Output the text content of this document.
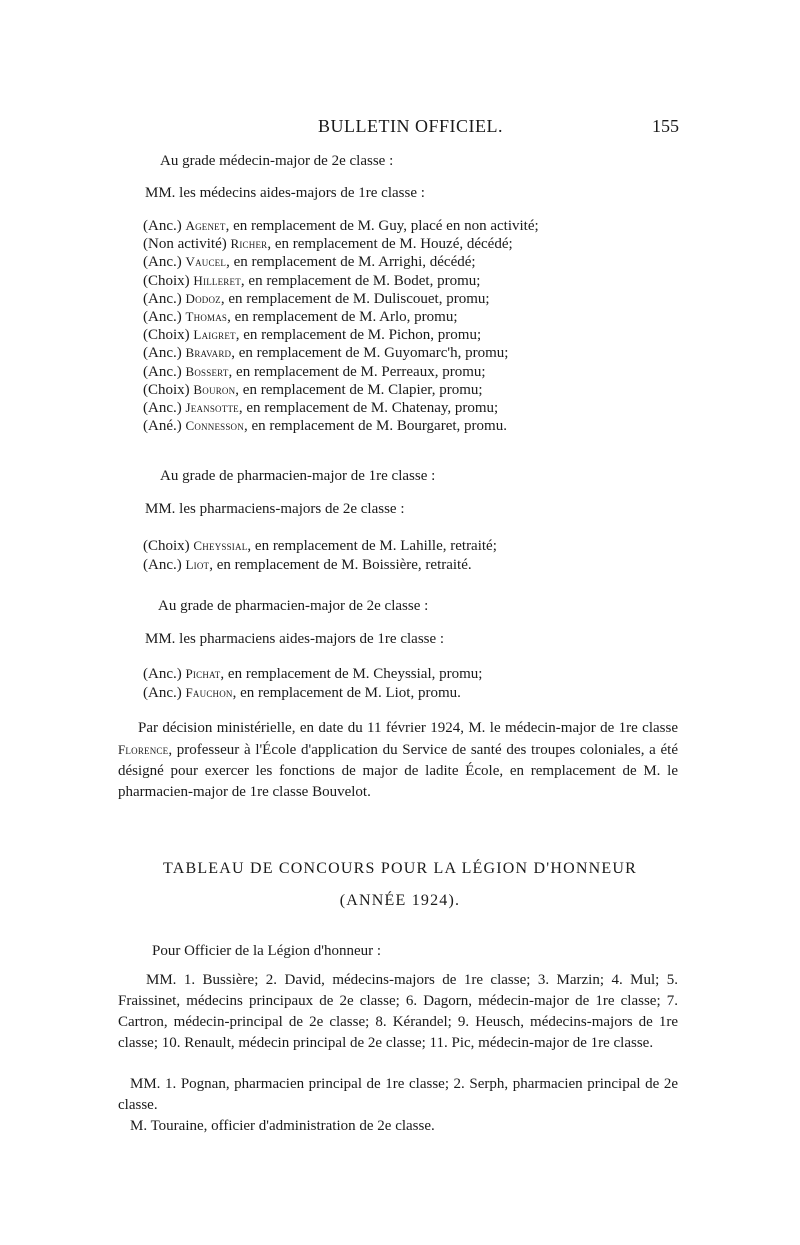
BULLETIN OFFICIEL.	155
Au grade médecin-major de 2e classe :
MM. les médecins aides-majors de 1re classe :
(Anc.) Agenet, en remplacement de M. Guy, placé en non activité;
(Non activité) Richer, en remplacement de M. Houzé, décédé;
(Anc.) Vaucel, en remplacement de M. Arrighi, décédé;
(Choix) Hilleret, en remplacement de M. Bodet, promu;
(Anc.) Dodoz, en remplacement de M. Duliscouet, promu;
(Anc.) Thomas, en remplacement de M. Arlo, promu;
(Choix) Laigret, en remplacement de M. Pichon, promu;
(Anc.) Bravard, en remplacement de M. Guyomarc'h, promu;
(Anc.) Bossert, en remplacement de M. Perreaux, promu;
(Choix) Bouron, en remplacement de M. Clapier, promu;
(Anc.) Jeansotte, en remplacement de M. Chatenay, promu;
(Ané.) Connesson, en remplacement de M. Bourgaret, promu.
Au grade de pharmacien-major de 1re classe :
MM. les pharmaciens-majors de 2e classe :
(Choix) Cheyssial, en remplacement de M. Lahille, retraité;
(Anc.) Liot, en remplacement de M. Boissière, retraité.
Au grade de pharmacien-major de 2e classe :
MM. les pharmaciens aides-majors de 1re classe :
(Anc.) Pichat, en remplacement de M. Cheyssial, promu;
(Anc.) Fauchon, en remplacement de M. Liot, promu.
Par décision ministérielle, en date du 11 février 1924, M. le médecin-major de 1re classe Florence, professeur à l'École d'application du Service de santé des troupes coloniales, a été désigné pour exercer les fonctions de major de ladite École, en remplacement de M. le pharmacien-major de 1re classe Bouvelot.
TABLEAU DE CONCOURS POUR LA LÉGION D'HONNEUR
(ANNÉE 1924).
Pour Officier de la Légion d'honneur :
MM. 1. Bussière; 2. David, médecins-majors de 1re classe; 3. Marzin; 4. Mul; 5. Fraissinet, médecins principaux de 2e classe; 6. Dagorn, médecin-major de 1re classe; 7. Cartron, médecin-principal de 2e classe; 8. Kérandel; 9. Heusch, médecins-majors de 1re classe; 10. Renault, médecin principal de 2e classe; 11. Pic, médecin-major de 1re classe.
MM. 1. Pognan, pharmacien principal de 1re classe; 2. Serph, pharmacien principal de 2e classe.
M. Touraine, officier d'administration de 2e classe.
